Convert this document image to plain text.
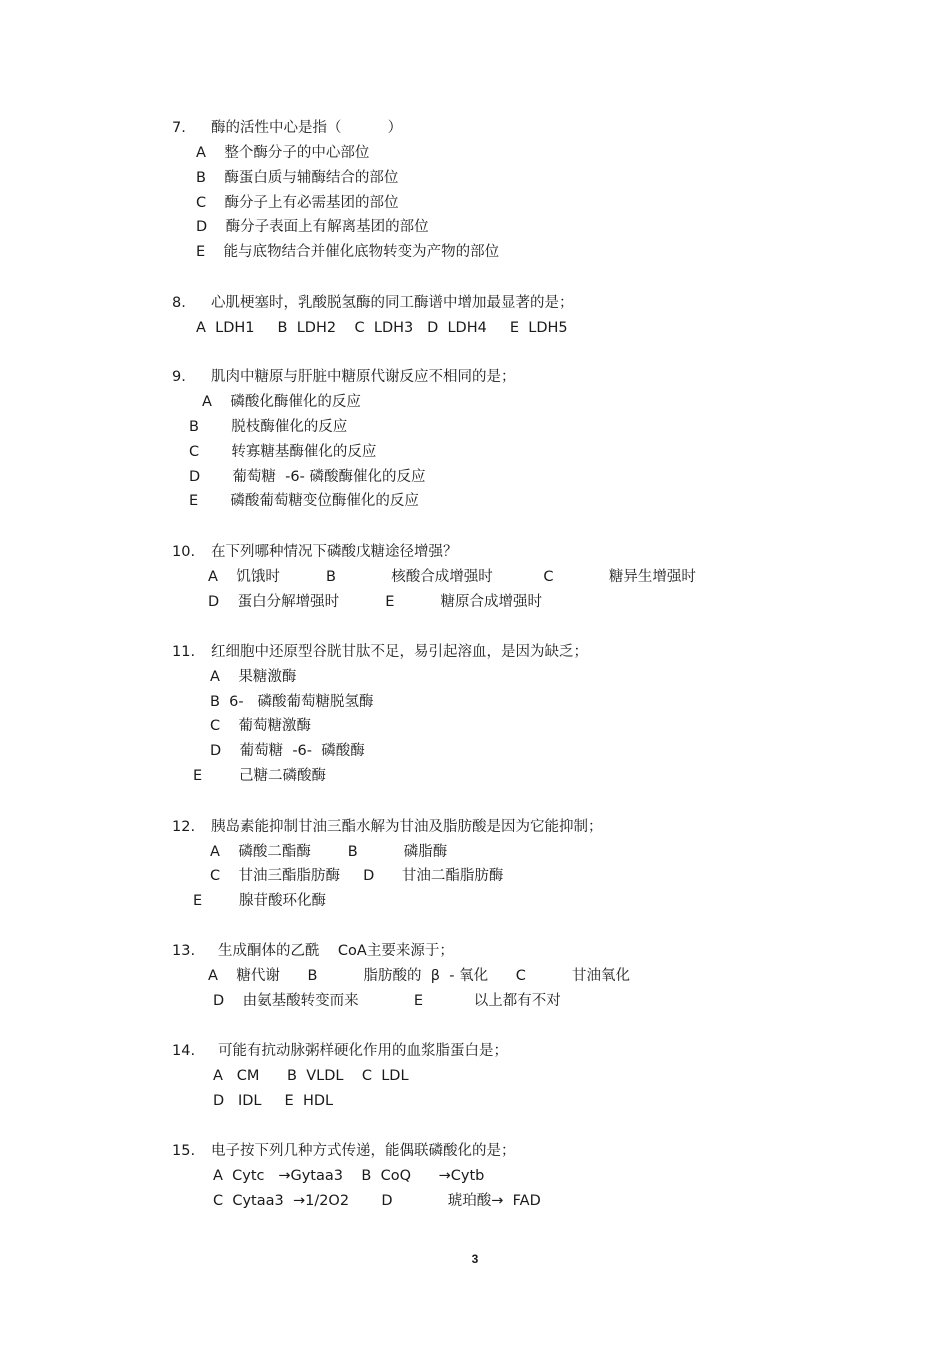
7. 酶的活性中心是指（          ）
A    整个酶分子的中心部位
B    酶蛋白质与辅酶结合的部位
C    酶分子上有必需基团的部位
D    酶分子表面上有解离基团的部位
E    能与底物结合并催化底物转变为产物的部位
8. 心肌梗塞时，乳酸脱氢酶的同工酶谱中增加最显著的是；
A  LDH1     B  LDH2    C  LDH3   D  LDH4     E  LDH5
9. 肌肉中糖原与肝脏中糖原代谢反应不相同的是；
A    磷酸化酶催化的反应
B       脱枝酶催化的反应
C       转寡糖基酶催化的反应
D       葡萄糖  -6- 磷酸酶催化的反应
E       磷酸葡萄糖变位酶催化的反应
10. 在下列哪种情况下磷酸戊糖途径增强？
A    饥饿时          B            核酸合成增强时           C            糖异生增强时
D    蛋白分解增强时          E          糖原合成增强时
11. 红细胞中还原型谷胱甘肽不足，易引起溶血，是因为缺乏；
A    果糖激酶
B  6-   磷酸葡萄糖脱氢酶
C    葡萄糖激酶
D    葡萄糖  -6-  磷酸酶
E        己糖二磷酸酶
12. 胰岛素能抑制甘油三酯水解为甘油及脂肪酸是因为它能抑制；
A    磷酸二酯酶        B          磷脂酶
C    甘油三酯脂肪酶     D      甘油二酯脂肪酶
E        腺苷酸环化酶
13. 生成酮体的乙酰    CoA主要来源于；
A    糖代谢      B          脂肪酸的  β  - 氧化      C          甘油氧化
D    由氨基酸转变而来            E           以上都有不对
14. 可能有抗动脉粥样硬化作用的血浆脂蛋白是；
A   CM      B  VLDL    C  LDL
D   IDL     E  HDL
15. 电子按下列几种方式传递，能偶联磷酸化的是；
A  Cytc   →Gytaa3    B  CoQ      →Cytb
C  Cytaa3  →1/2O2       D            琥珀酸→  FAD
3
